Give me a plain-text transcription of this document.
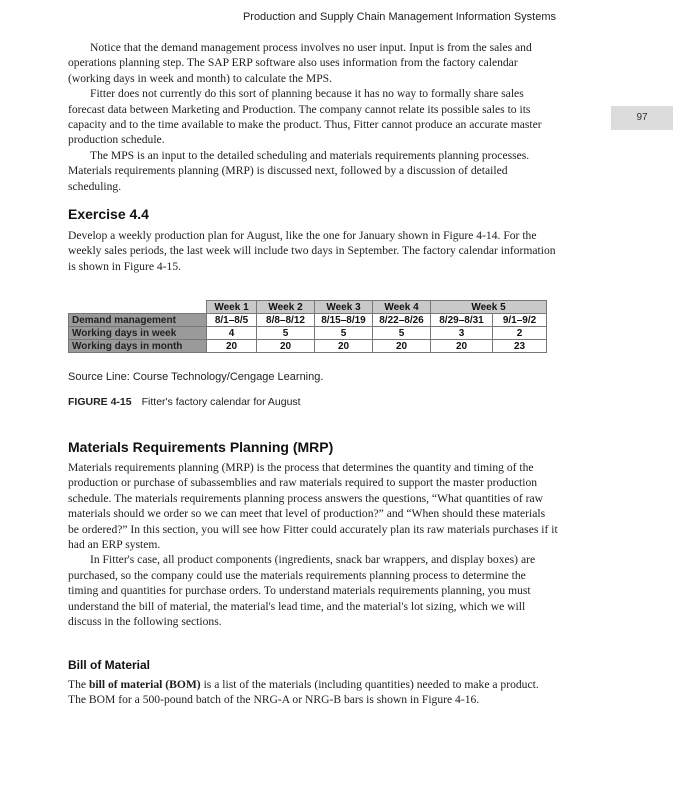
Production and Supply Chain Management Information Systems
97

Notice that the demand management process involves no user input. Input is from the sales and operations planning step. The SAP ERP software also uses information from the factory calendar (working days in week and month) to calculate the MPS.

Fitter does not currently do this sort of planning because it has no way to formally share sales forecast data between Marketing and Production. The company cannot relate its possible sales to its capacity and to the time available to make the product. Thus, Fitter cannot produce an accurate master production schedule.

The MPS is an input to the detailed scheduling and materials requirements planning processes. Materials requirements planning (MRP) is discussed next, followed by a discussion of detailed scheduling.

Exercise 4.4

Develop a weekly production plan for August, like the one for January shown in Figure 4-14. For the weekly sales periods, the last week will include two days in September. The factory calendar information is shown in Figure 4-15.

	Week 1	Week 2	Week 3	Week 4	Week 5	
Demand management	8/1–8/5	8/8–8/12	8/15–8/19	8/22–8/26	8/29–8/31	9/1–9/2
Working days in week	4	5	5	5	3	2
Working days in month	20	20	20	20	20	23
Source Line: Course Technology/Cengage Learning.
FIGURE 4-15 Fitter's factory calendar for August
Materials Requirements Planning (MRP)

Materials requirements planning (MRP) is the process that determines the quantity and timing of the production or purchase of subassemblies and raw materials required to support the master production schedule. The materials requirements planning process answers the questions, “What quantities of raw materials should we order so we can meet that level of production?” and “When should these materials be ordered?” In this section, you will see how Fitter could accurately plan its raw materials purchases if it had an ERP system.

In Fitter's case, all product components (ingredients, snack bar wrappers, and display boxes) are purchased, so the company could use the materials requirements planning process to determine the timing and quantities for purchase orders. To understand materials requirements planning, you must understand the bill of material, the material's lead time, and the material's lot sizing, which we will discuss in the following sections.

Bill of Material

The bill of material (BOM) is a list of the materials (including quantities) needed to make a product. The BOM for a 500-pound batch of the NRG-A or NRG-B bars is shown in Figure 4-16.
